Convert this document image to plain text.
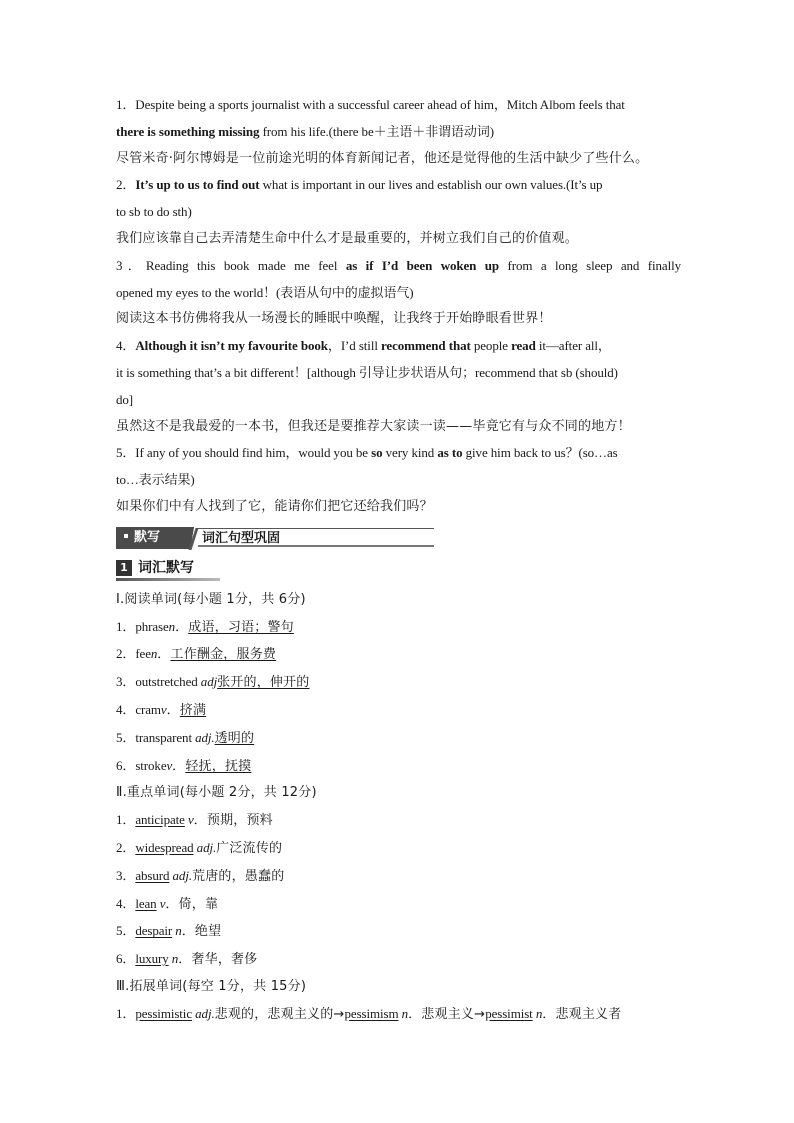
1．Despite being a sports journalist with a successful career ahead of him，Mitch Albom feels that
there is something missing from his life.(there be＋主语＋非谓语动词)
尽管米奇·阿尔博姆是一位前途光明的体育新闻记者，他还是觉得他的生活中缺少了些什么。
2．It’s up to us to find out what is important in our lives and establish our own values.(It’s up
to sb to do sth)
我们应该靠自己去弄清楚生命中什么才是最重要的，并树立我们自己的价值观。
3．Reading this book made me feel as if I’d been woken up from a long sleep and finally
opened my eyes to the world！(表语从句中的虚拟语气)
阅读这本书仿佛将我从一场漫长的睡眠中唤醒，让我终于开始睁眼看世界！
4．Although it isn’t my favourite book，I’d still recommend that people read it—after all，
it is something that’s a bit different！[although 引导让步状语从句；recommend that sb (should)
do]
虽然这不是我最爱的一本书，但我还是要推荐大家读一读——毕竟它有与众不同的地方！
5．If any of you should find him，would you be so very kind as to give him back to us？(so…as
to…表示结果)
如果你们中有人找到了它，能请你们把它还给我们吗？
默写	词汇句型巩固
1 词汇默写
Ⅰ.阅读单词(每小题 1分，共 6分)
1．phrasen．成语，习语；警句
2．feen．工作酬金，服务费
3．outstretched adj张开的，伸开的
4．cramv．挤满
5．transparent adj.透明的
6．strokev．轻抚，抚摸
Ⅱ.重点单词(每小题 2分，共 12分)
1．anticipate v．预期，预料
2．widespread adj.广泛流传的
3．absurd adj.荒唐的，愚蠢的
4．lean v．倚，靠
5．despair n．绝望
6．luxury n．奢华，奢侈
Ⅲ.拓展单词(每空 1分，共 15分)
1．pessimistic adj.悲观的，悲观主义的→pessimism n．悲观主义→pessimist n．悲观主义者
